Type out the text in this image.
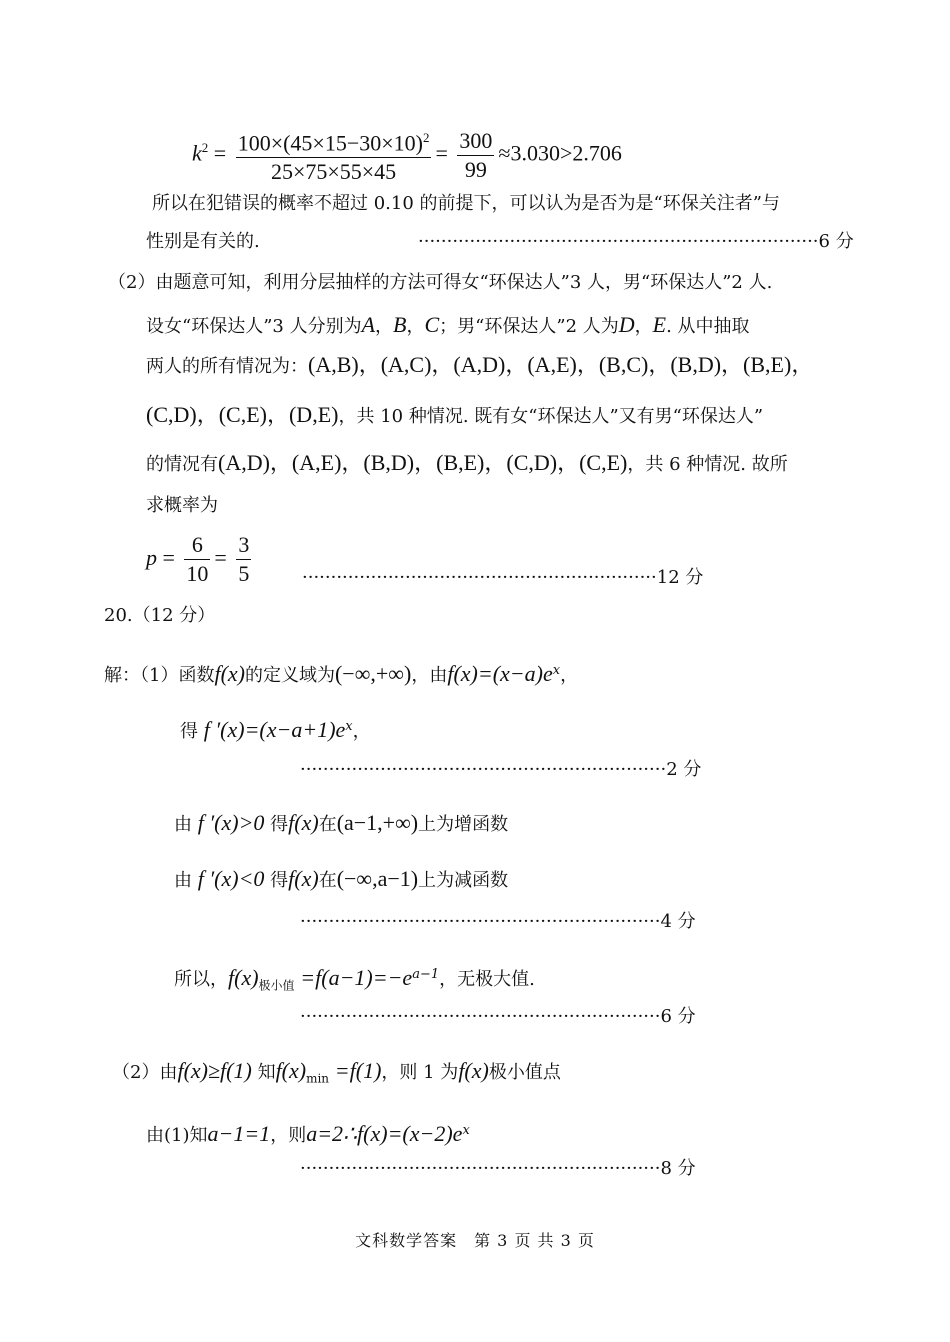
$k^2 = \frac{100\times(45\times 15-30\times 10)^2}{25\times 75\times 55\times 45} = \frac{300}{99} \approx 3.030>2.706$
所以在犯错误的概率不超过 0.10 的前提下，可以认为是否为是“环保关注者”与
性别是有关的.	······································································6 分
（2）由题意可知，利用分层抽样的方法可得女“环保达人”3 人，男“环保达人”2 人.
设女“环保达人”3 人分别为A，B，C；男“环保达人”2 人为D，E. 从中抽取
两人的所有情况为：(A,B)，(A,C)，(A,D)，(A,E)，(B,C)，(B,D)，(B,E)，
(C,D)，(C,E)，(D,E)，共 10 种情况. 既有女“环保达人”又有男“环保达人”
的情况有(A,D)，(A,E)，(B,D)，(B,E)，(C,D)，(C,E)，共 6 种情况. 故所
求概率为
$p = \frac{6}{10} = \frac{3}{5}$	······························································12 分
20.（12 分）
解：（1）函数f(x)的定义域为(−∞,+∞)，由$f(x)=(x-a)e^x$，
得 f $'(x)=(x-a+1)e^x$，
································································2 分
由 f ′(x)>0 得f(x)在(a−1,+∞)上为增函数
由 f ′(x)<0 得f(x)在(−∞,a−1)上为减函数
·······························································4 分
所以，$f(x)_{极小值} =f(a-1)=-e^{a-1}$，无极大值.
·······························································6 分
（2）由f(x)≥f(1) 知$f(x)_{min} =f(1)$，则 1 为f(x)极小值点
由(1)知a−1=1，则$a=2\therefore f(x)=(x-2)e^x$
·······························································8 分
文科数学答案　第 3 页 共 3 页
